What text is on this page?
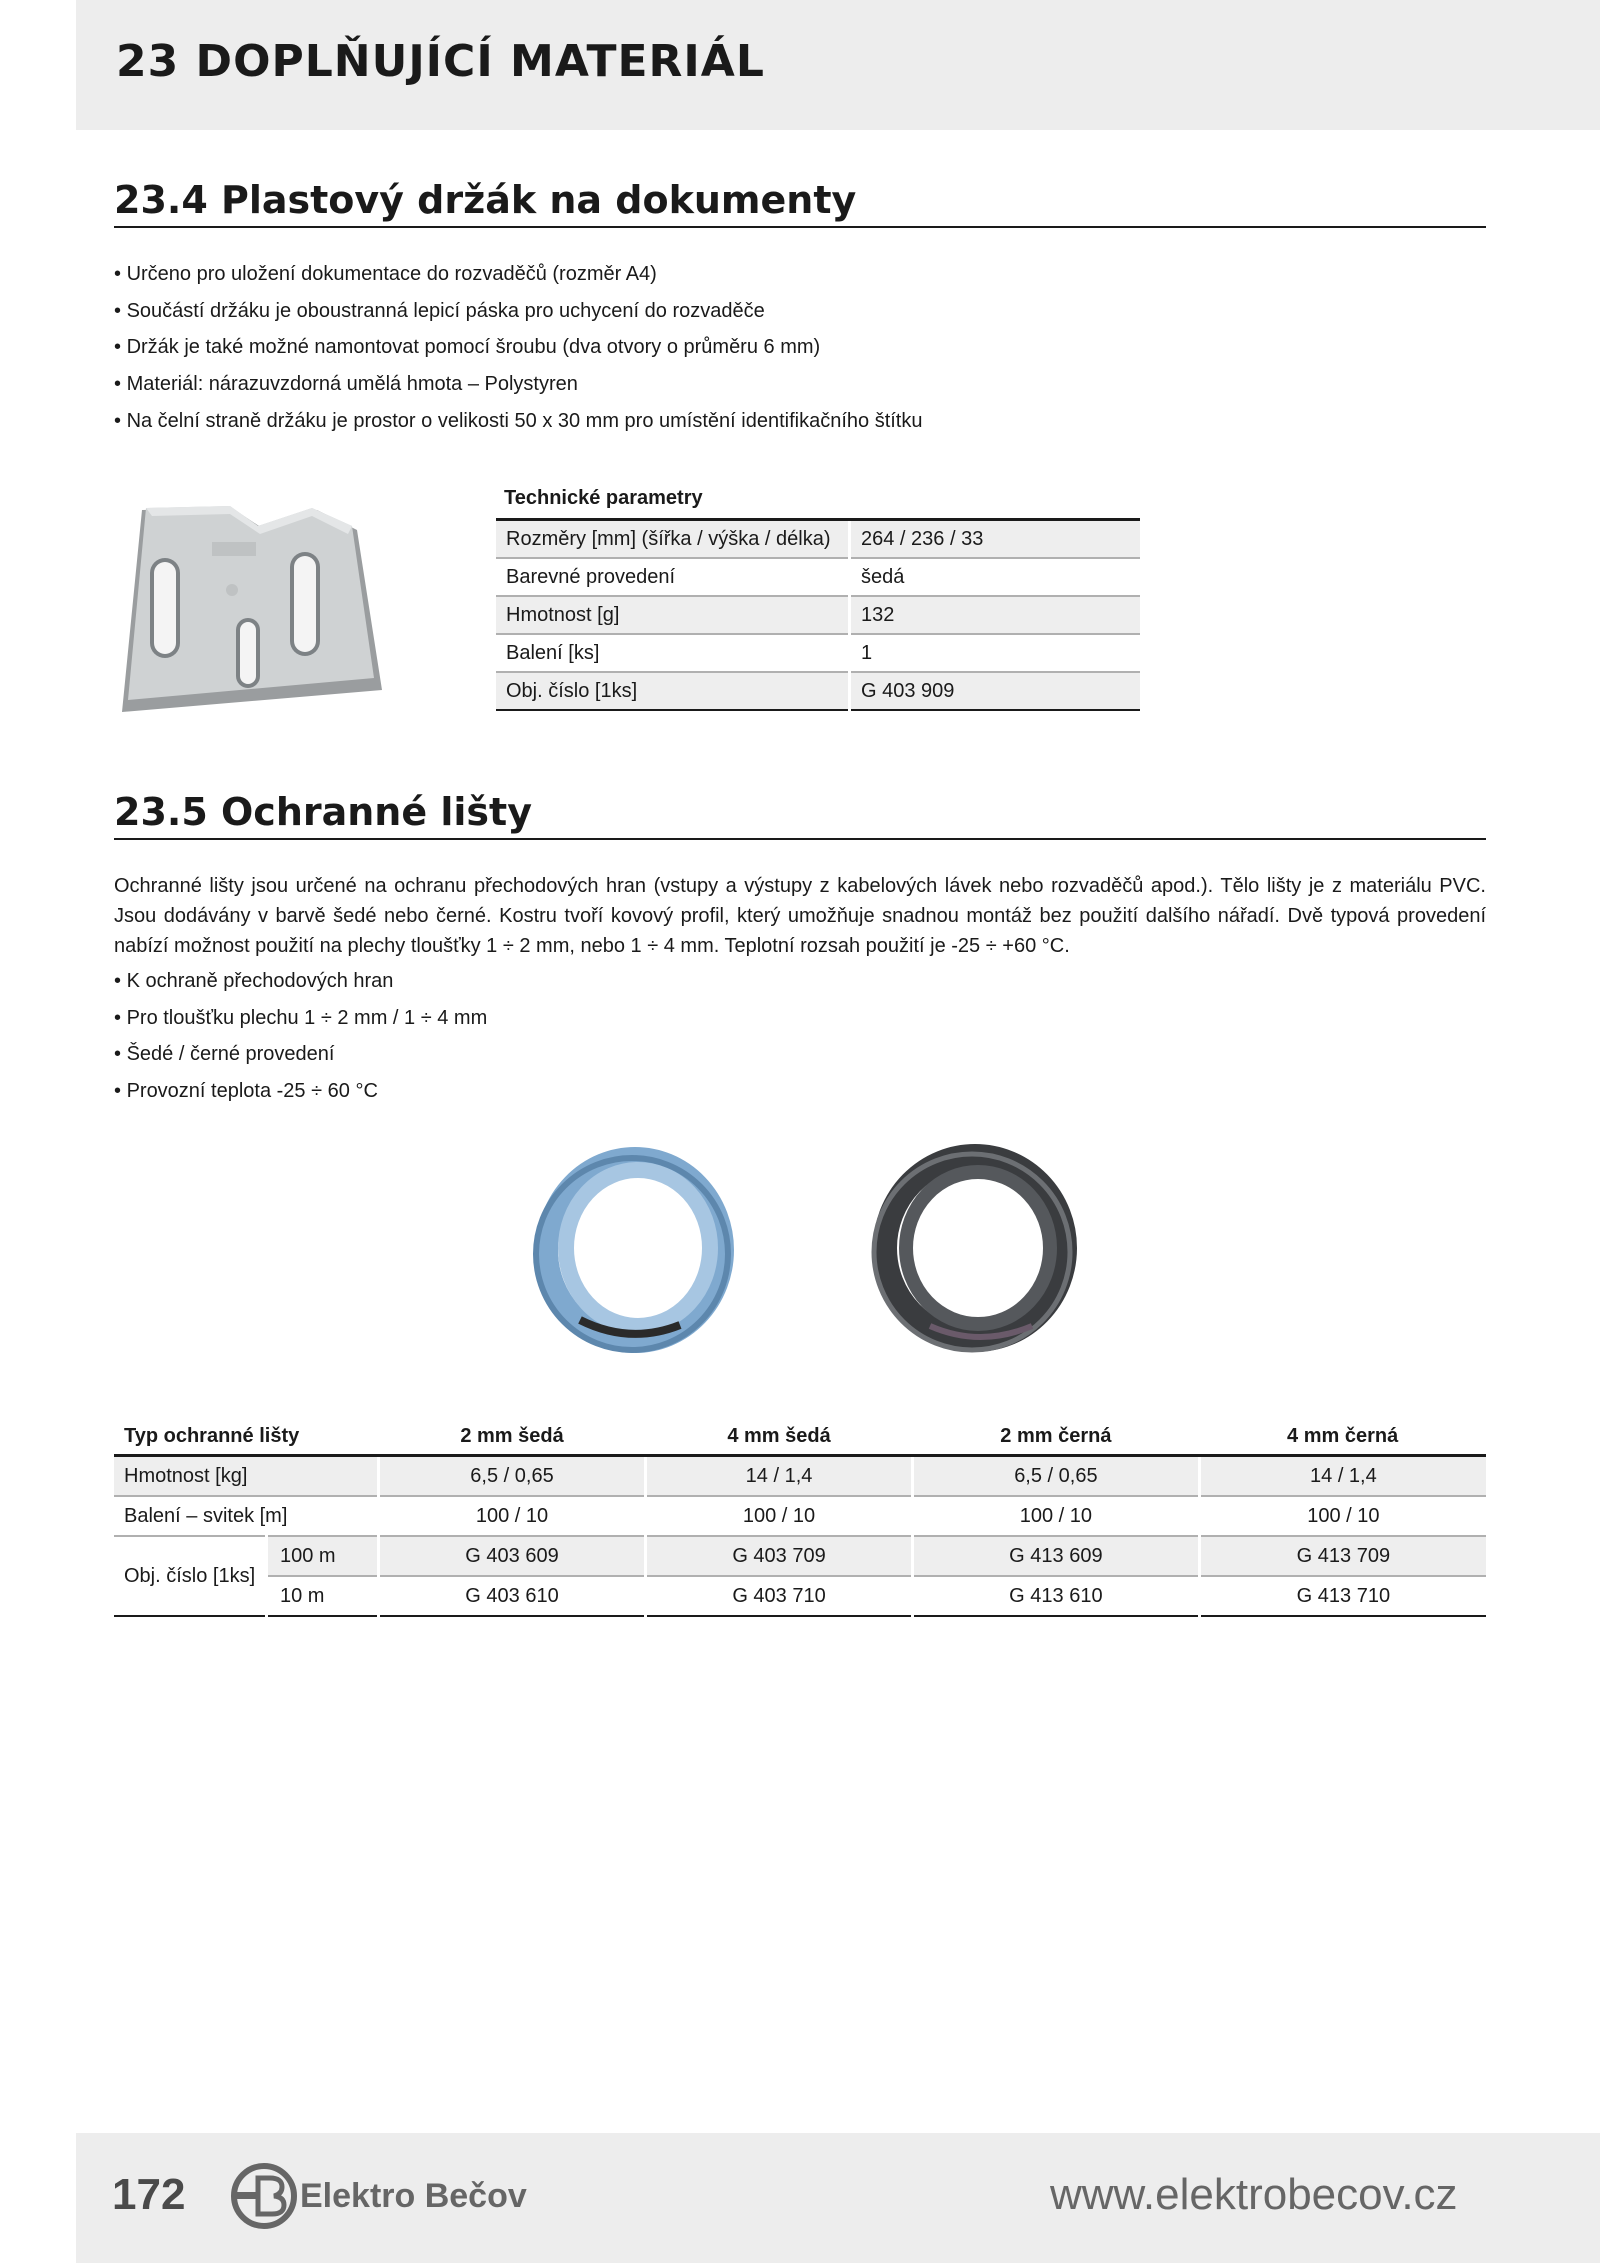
23 DOPLŇUJÍCÍ MATERIÁL
23.4 Plastový držák na dokumenty
• Určeno pro uložení dokumentace do rozvaděčů (rozměr A4)
• Součástí držáku je oboustranná lepicí páska pro uchycení do rozvaděče
• Držák je také možné namontovat pomocí šroubu (dva otvory o průměru 6 mm)
• Materiál: nárazuvzdorná umělá hmota – Polystyren
• Na čelní straně držáku je prostor o velikosti 50 x 30 mm pro umístění identifikačního štítku
Technické parametry	
Rozměry [mm] (šířka / výška / délka)	264 / 236 / 33
Barevné provedení	šedá
Hmotnost [g]	132
Balení [ks]	1
Obj. číslo [1ks]	G 403 909
23.5 Ochranné lišty

Ochranné lišty jsou určené na ochranu přechodových hran (vstupy a výstupy z kabelových lávek nebo rozvaděčů apod.). Tělo lišty je z materiálu PVC. Jsou dodávány v barvě šedé nebo černé. Kostru tvoří kovový profil, který umožňuje snadnou montáž bez použití dalšího nářadí. Dvě typová provedení nabízí možnost použití na plechy tloušťky 1 ÷ 2 mm, nebo 1 ÷ 4 mm. Teplotní rozsah použití je -25 ÷ +60 °C.

• K ochraně přechodových hran
• Pro tloušťku plechu 1 ÷ 2 mm / 1 ÷ 4 mm
• Šedé / černé provedení
• Provozní teplota -25 ÷ 60 °C
Typ ochranné lišty		2 mm šedá	4 mm šedá	2 mm černá	4 mm černá
Hmotnost [kg]		6,5 / 0,65	14 / 1,4	6,5 / 0,65	14 / 1,4
Balení – svitek [m]		100 / 10	100 / 10	100 / 10	100 / 10
Obj. číslo [1ks]	100 m	G 403 609	G 403 709	G 413 609	G 413 709
	10 m	G 403 610	G 403 710	G 413 610	G 413 710
172	Elektro Bečov	www.elektrobecov.cz
